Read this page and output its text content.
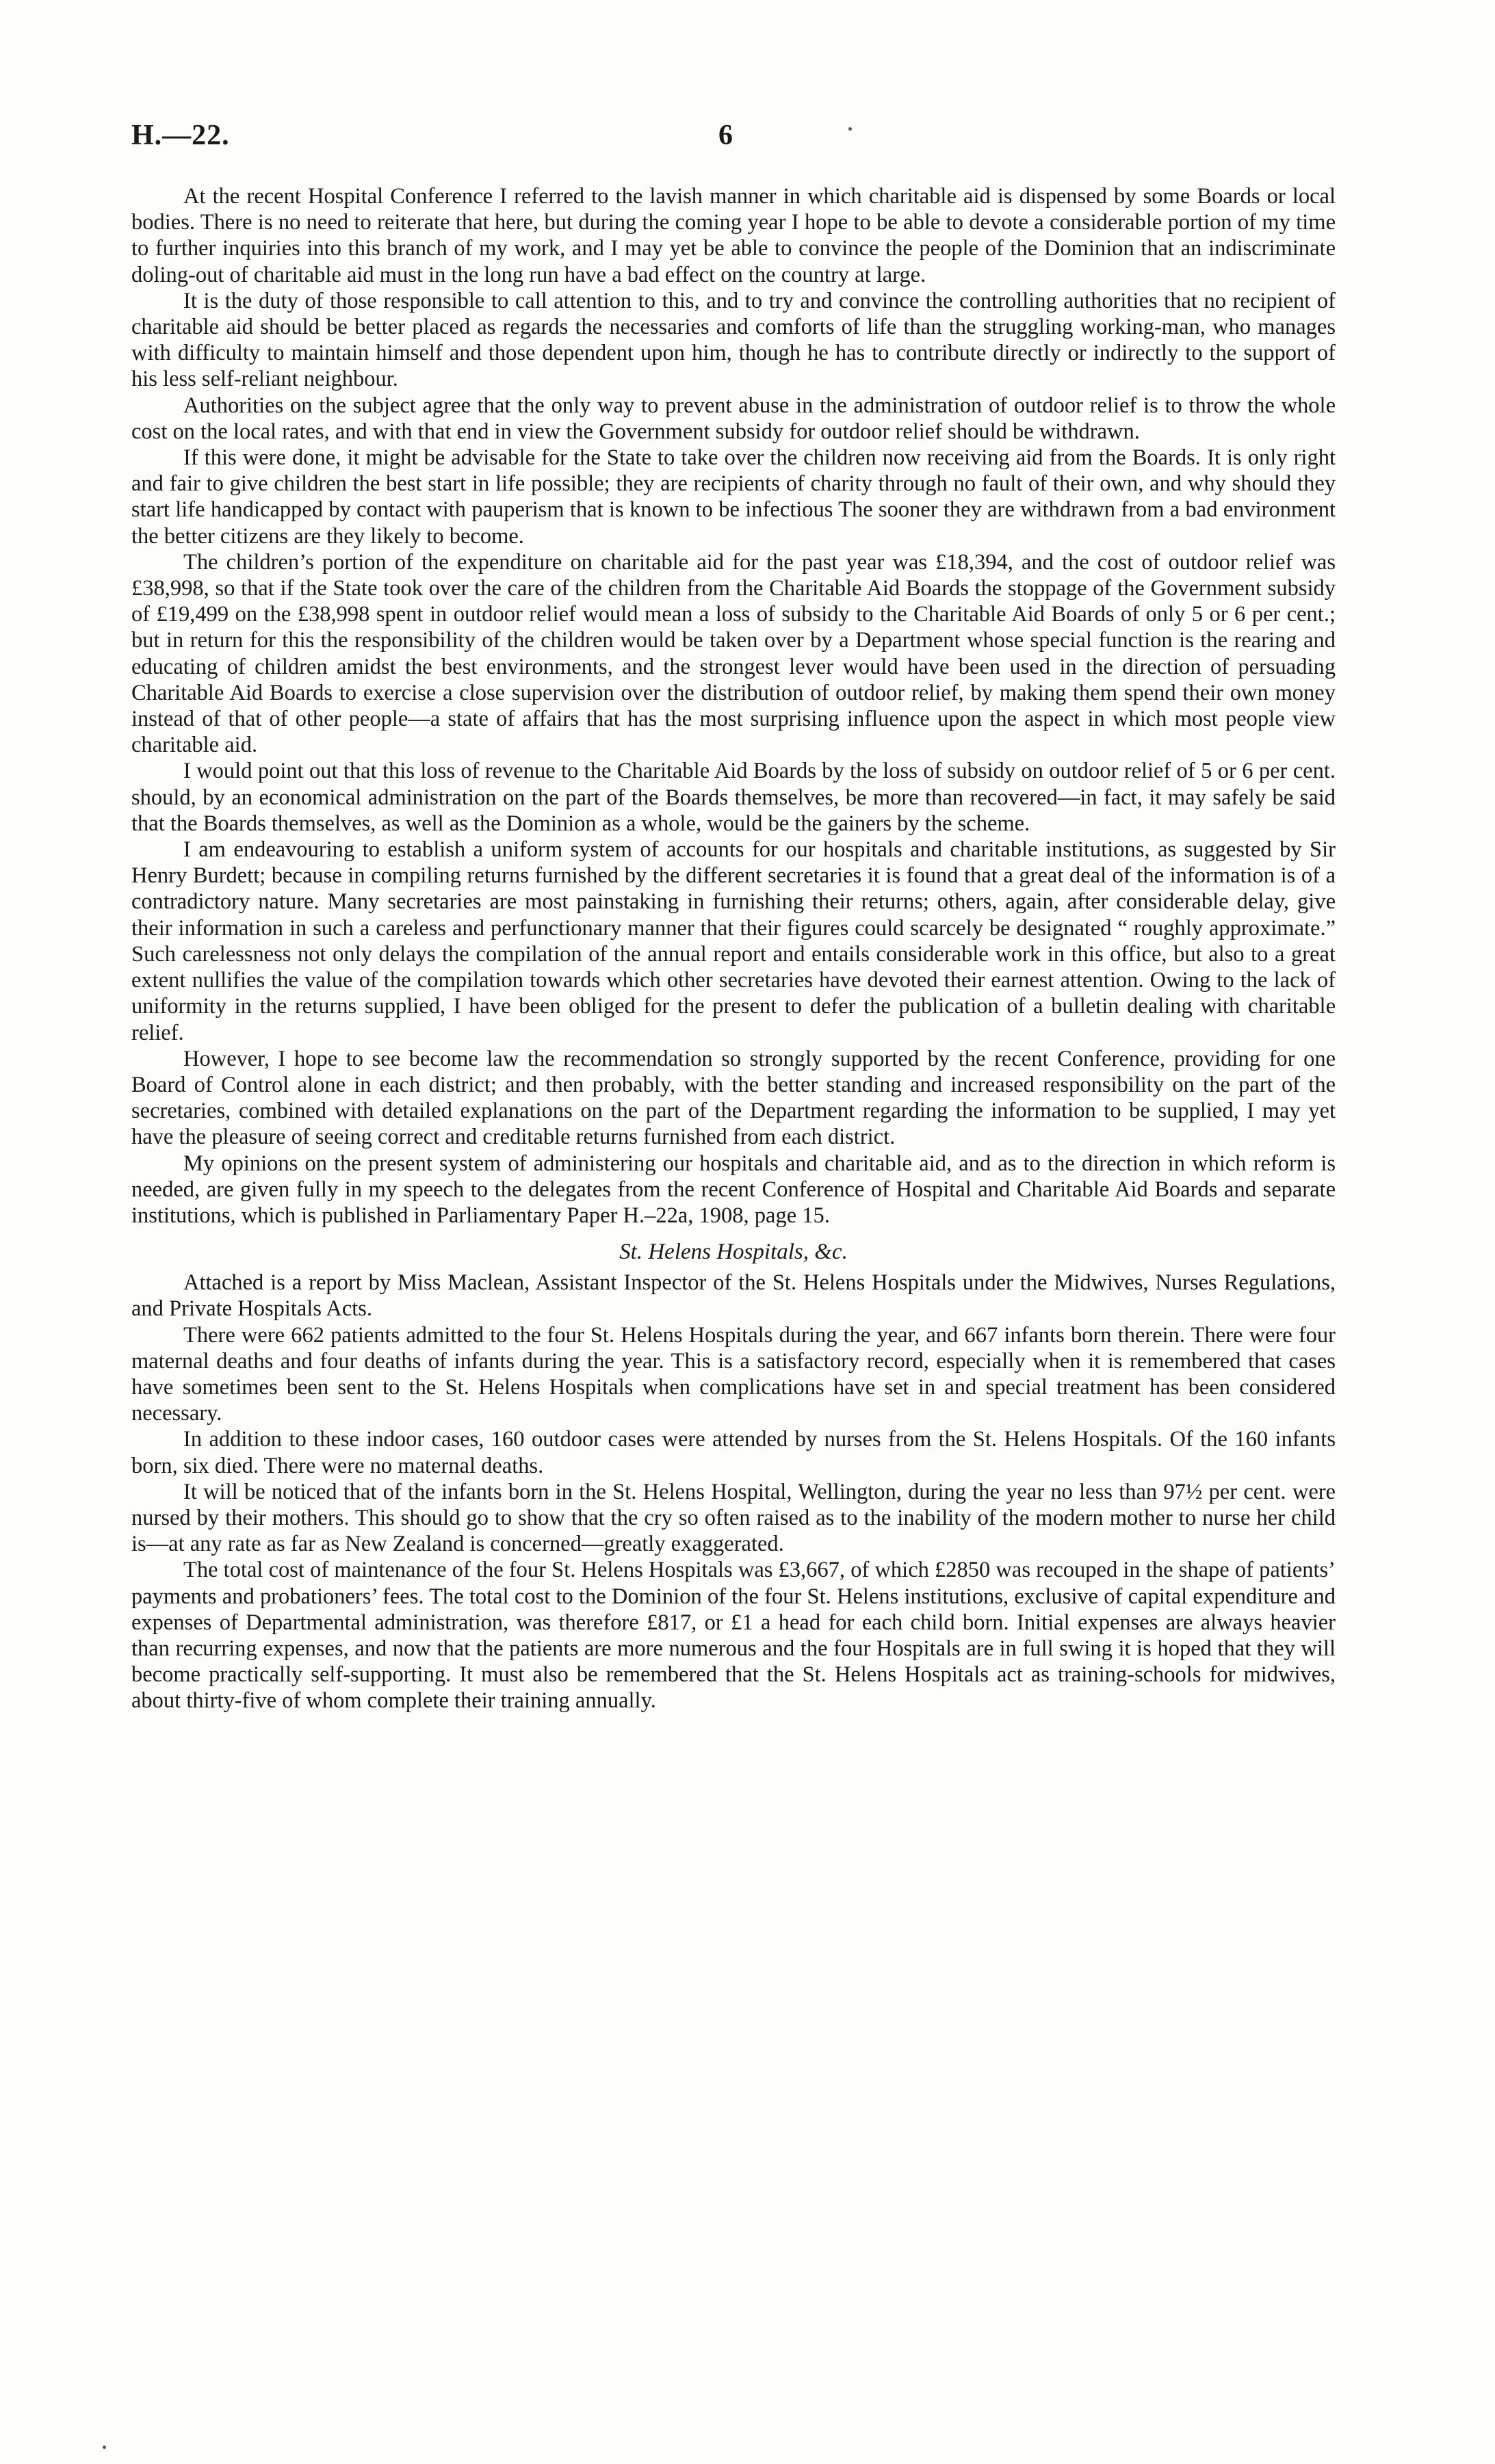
H.—22.	6

At the recent Hospital Conference I referred to the lavish manner in which charitable aid is dispensed by some Boards or local bodies. There is no need to reiterate that here, but during the coming year I hope to be able to devote a considerable portion of my time to further inquiries into this branch of my work, and I may yet be able to convince the people of the Dominion that an indiscriminate doling-out of charitable aid must in the long run have a bad effect on the country at large.

It is the duty of those responsible to call attention to this, and to try and convince the controlling authorities that no recipient of charitable aid should be better placed as regards the necessaries and comforts of life than the struggling working-man, who manages with difficulty to maintain himself and those dependent upon him, though he has to contribute directly or indirectly to the support of his less self-reliant neighbour.

Authorities on the subject agree that the only way to prevent abuse in the administration of outdoor relief is to throw the whole cost on the local rates, and with that end in view the Government subsidy for outdoor relief should be withdrawn.

If this were done, it might be advisable for the State to take over the children now receiving aid from the Boards. It is only right and fair to give children the best start in life possible; they are recipients of charity through no fault of their own, and why should they start life handicapped by contact with pauperism that is known to be infectious The sooner they are withdrawn from a bad environment the better citizens are they likely to become.

The children’s portion of the expenditure on charitable aid for the past year was £18,394, and the cost of outdoor relief was £38,998, so that if the State took over the care of the children from the Charitable Aid Boards the stoppage of the Government subsidy of £19,499 on the £38,998 spent in outdoor relief would mean a loss of subsidy to the Charitable Aid Boards of only 5 or 6 per cent.; but in return for this the responsibility of the children would be taken over by a Department whose special function is the rearing and educating of children amidst the best environments, and the strongest lever would have been used in the direction of persuading Charitable Aid Boards to exercise a close supervision over the distribution of outdoor relief, by making them spend their own money instead of that of other people—a state of affairs that has the most surprising influence upon the aspect in which most people view charitable aid.

I would point out that this loss of revenue to the Charitable Aid Boards by the loss of subsidy on outdoor relief of 5 or 6 per cent. should, by an economical administration on the part of the Boards themselves, be more than recovered—in fact, it may safely be said that the Boards themselves, as well as the Dominion as a whole, would be the gainers by the scheme.

I am endeavouring to establish a uniform system of accounts for our hospitals and charitable institutions, as suggested by Sir Henry Burdett; because in compiling returns furnished by the different secretaries it is found that a great deal of the information is of a contradictory nature. Many secretaries are most painstaking in furnishing their returns; others, again, after considerable delay, give their information in such a careless and perfunctionary manner that their figures could scarcely be designated “ roughly approximate.” Such carelessness not only delays the compilation of the annual report and entails considerable work in this office, but also to a great extent nullifies the value of the compilation towards which other secretaries have devoted their earnest attention. Owing to the lack of uniformity in the returns supplied, I have been obliged for the present to defer the publication of a bulletin dealing with charitable relief.

However, I hope to see become law the recommendation so strongly supported by the recent Conference, providing for one Board of Control alone in each district; and then probably, with the better standing and increased responsibility on the part of the secretaries, combined with detailed explanations on the part of the Department regarding the information to be supplied, I may yet have the pleasure of seeing correct and creditable returns furnished from each district.

My opinions on the present system of administering our hospitals and charitable aid, and as to the direction in which reform is needed, are given fully in my speech to the delegates from the recent Conference of Hospital and Charitable Aid Boards and separate institutions, which is published in Parliamentary Paper H.–22a, 1908, page 15.

St. Helens Hospitals, &c.

Attached is a report by Miss Maclean, Assistant Inspector of the St. Helens Hospitals under the Midwives, Nurses Regulations, and Private Hospitals Acts.

There were 662 patients admitted to the four St. Helens Hospitals during the year, and 667 infants born therein. There were four maternal deaths and four deaths of infants during the year. This is a satisfactory record, especially when it is remembered that cases have sometimes been sent to the St. Helens Hospitals when complications have set in and special treatment has been considered necessary.

In addition to these indoor cases, 160 outdoor cases were attended by nurses from the St. Helens Hospitals. Of the 160 infants born, six died. There were no maternal deaths.

It will be noticed that of the infants born in the St. Helens Hospital, Wellington, during the year no less than 97½ per cent. were nursed by their mothers. This should go to show that the cry so often raised as to the inability of the modern mother to nurse her child is—at any rate as far as New Zealand is concerned—greatly exaggerated.

The total cost of maintenance of the four St. Helens Hospitals was £3,667, of which £2850 was recouped in the shape of patients’ payments and probationers’ fees. The total cost to the Dominion of the four St. Helens institutions, exclusive of capital expenditure and expenses of Departmental administration, was therefore £817, or £1 a head for each child born. Initial expenses are always heavier than recurring expenses, and now that the patients are more numerous and the four Hospitals are in full swing it is hoped that they will become practically self-supporting. It must also be remembered that the St. Helens Hospitals act as training-schools for midwives, about thirty-five of whom complete their training annually.
